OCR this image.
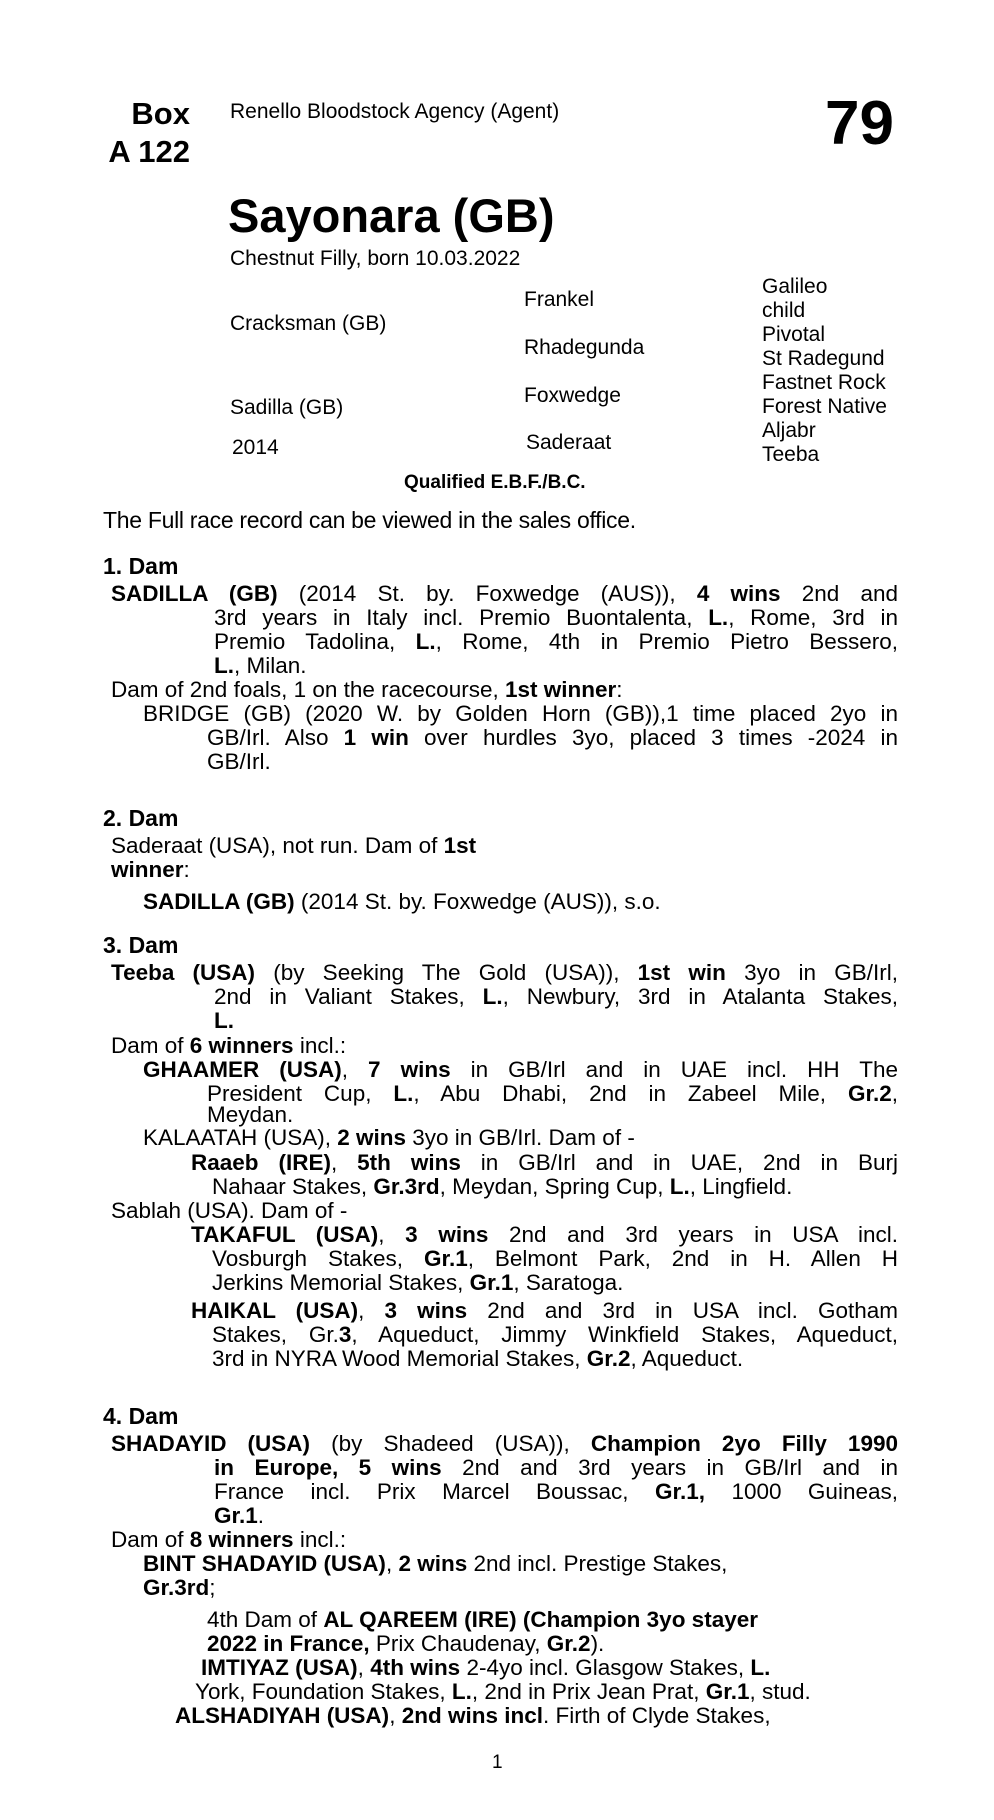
Box
A 122
Renello Bloodstock Agency (Agent)	79
Sayonara (GB)
Chestnut Filly, born 10.03.2022
Cracksman (GB)
Sadilla (GB)
2014
Frankel
Rhadegunda
Foxwedge
Saderaat
Galileo
child
Pivotal
St Radegund
Fastnet Rock
Forest Native
Aljabr
Teeba
Qualified E.B.F./B.C.
The Full race record can be viewed in the sales office.
1. Dam
SADILLA (GB) (2014 St. by. Foxwedge (AUS)), 4 wins 2nd and
3rd years in Italy incl. Premio Buontalenta, L., Rome, 3rd in
Premio Tadolina, L., Rome, 4th in Premio Pietro Bessero,
L., Milan.
Dam of 2nd foals, 1 on the racecourse, 1st winner:
BRIDGE (GB) (2020 W. by Golden Horn (GB)),1 time placed 2yo in
GB/Irl. Also 1 win over hurdles 3yo, placed 3 times -2024 in
GB/Irl.
2. Dam
Saderaat (USA), not run. Dam of 1st
winner:
SADILLA (GB) (2014 St. by. Foxwedge (AUS)), s.o.
3. Dam
Teeba (USA) (by Seeking The Gold (USA)), 1st win 3yo in GB/Irl,
2nd in Valiant Stakes, L., Newbury, 3rd in Atalanta Stakes,
L.
Dam of 6 winners incl.:
GHAAMER (USA), 7 wins in GB/Irl and in UAE incl. HH The
President Cup, L., Abu Dhabi, 2nd in Zabeel Mile, Gr.2,
Meydan.
KALAATAH (USA), 2 wins 3yo in GB/Irl. Dam of -
Raaeb (IRE), 5th wins in GB/Irl and in UAE, 2nd in Burj
Nahaar Stakes, Gr.3rd, Meydan, Spring Cup, L., Lingfield.
Sablah (USA). Dam of -
TAKAFUL (USA), 3 wins 2nd and 3rd years in USA incl.
Vosburgh Stakes, Gr.1, Belmont Park, 2nd in H. Allen H
Jerkins Memorial Stakes, Gr.1, Saratoga.
HAIKAL (USA), 3 wins 2nd and 3rd in USA incl. Gotham
Stakes, Gr.3, Aqueduct, Jimmy Winkfield Stakes, Aqueduct,
3rd in NYRA Wood Memorial Stakes, Gr.2, Aqueduct.
4. Dam
SHADAYID (USA) (by Shadeed (USA)), Champion 2yo Filly 1990
in Europe, 5 wins 2nd and 3rd years in GB/Irl and in
France incl. Prix Marcel Boussac, Gr.1, 1000 Guineas,
Gr.1.
Dam of 8 winners incl.:
BINT SHADAYID (USA), 2 wins 2nd incl. Prestige Stakes,
Gr.3rd;
4th Dam of AL QAREEM (IRE) (Champion 3yo stayer
2022 in France, Prix Chaudenay, Gr.2).
IMTIYAZ (USA), 4th wins 2-4yo incl. Glasgow Stakes, L.
York, Foundation Stakes, L., 2nd in Prix Jean Prat, Gr.1, stud.
ALSHADIYAH (USA), 2nd wins incl. Firth of Clyde Stakes,
1
